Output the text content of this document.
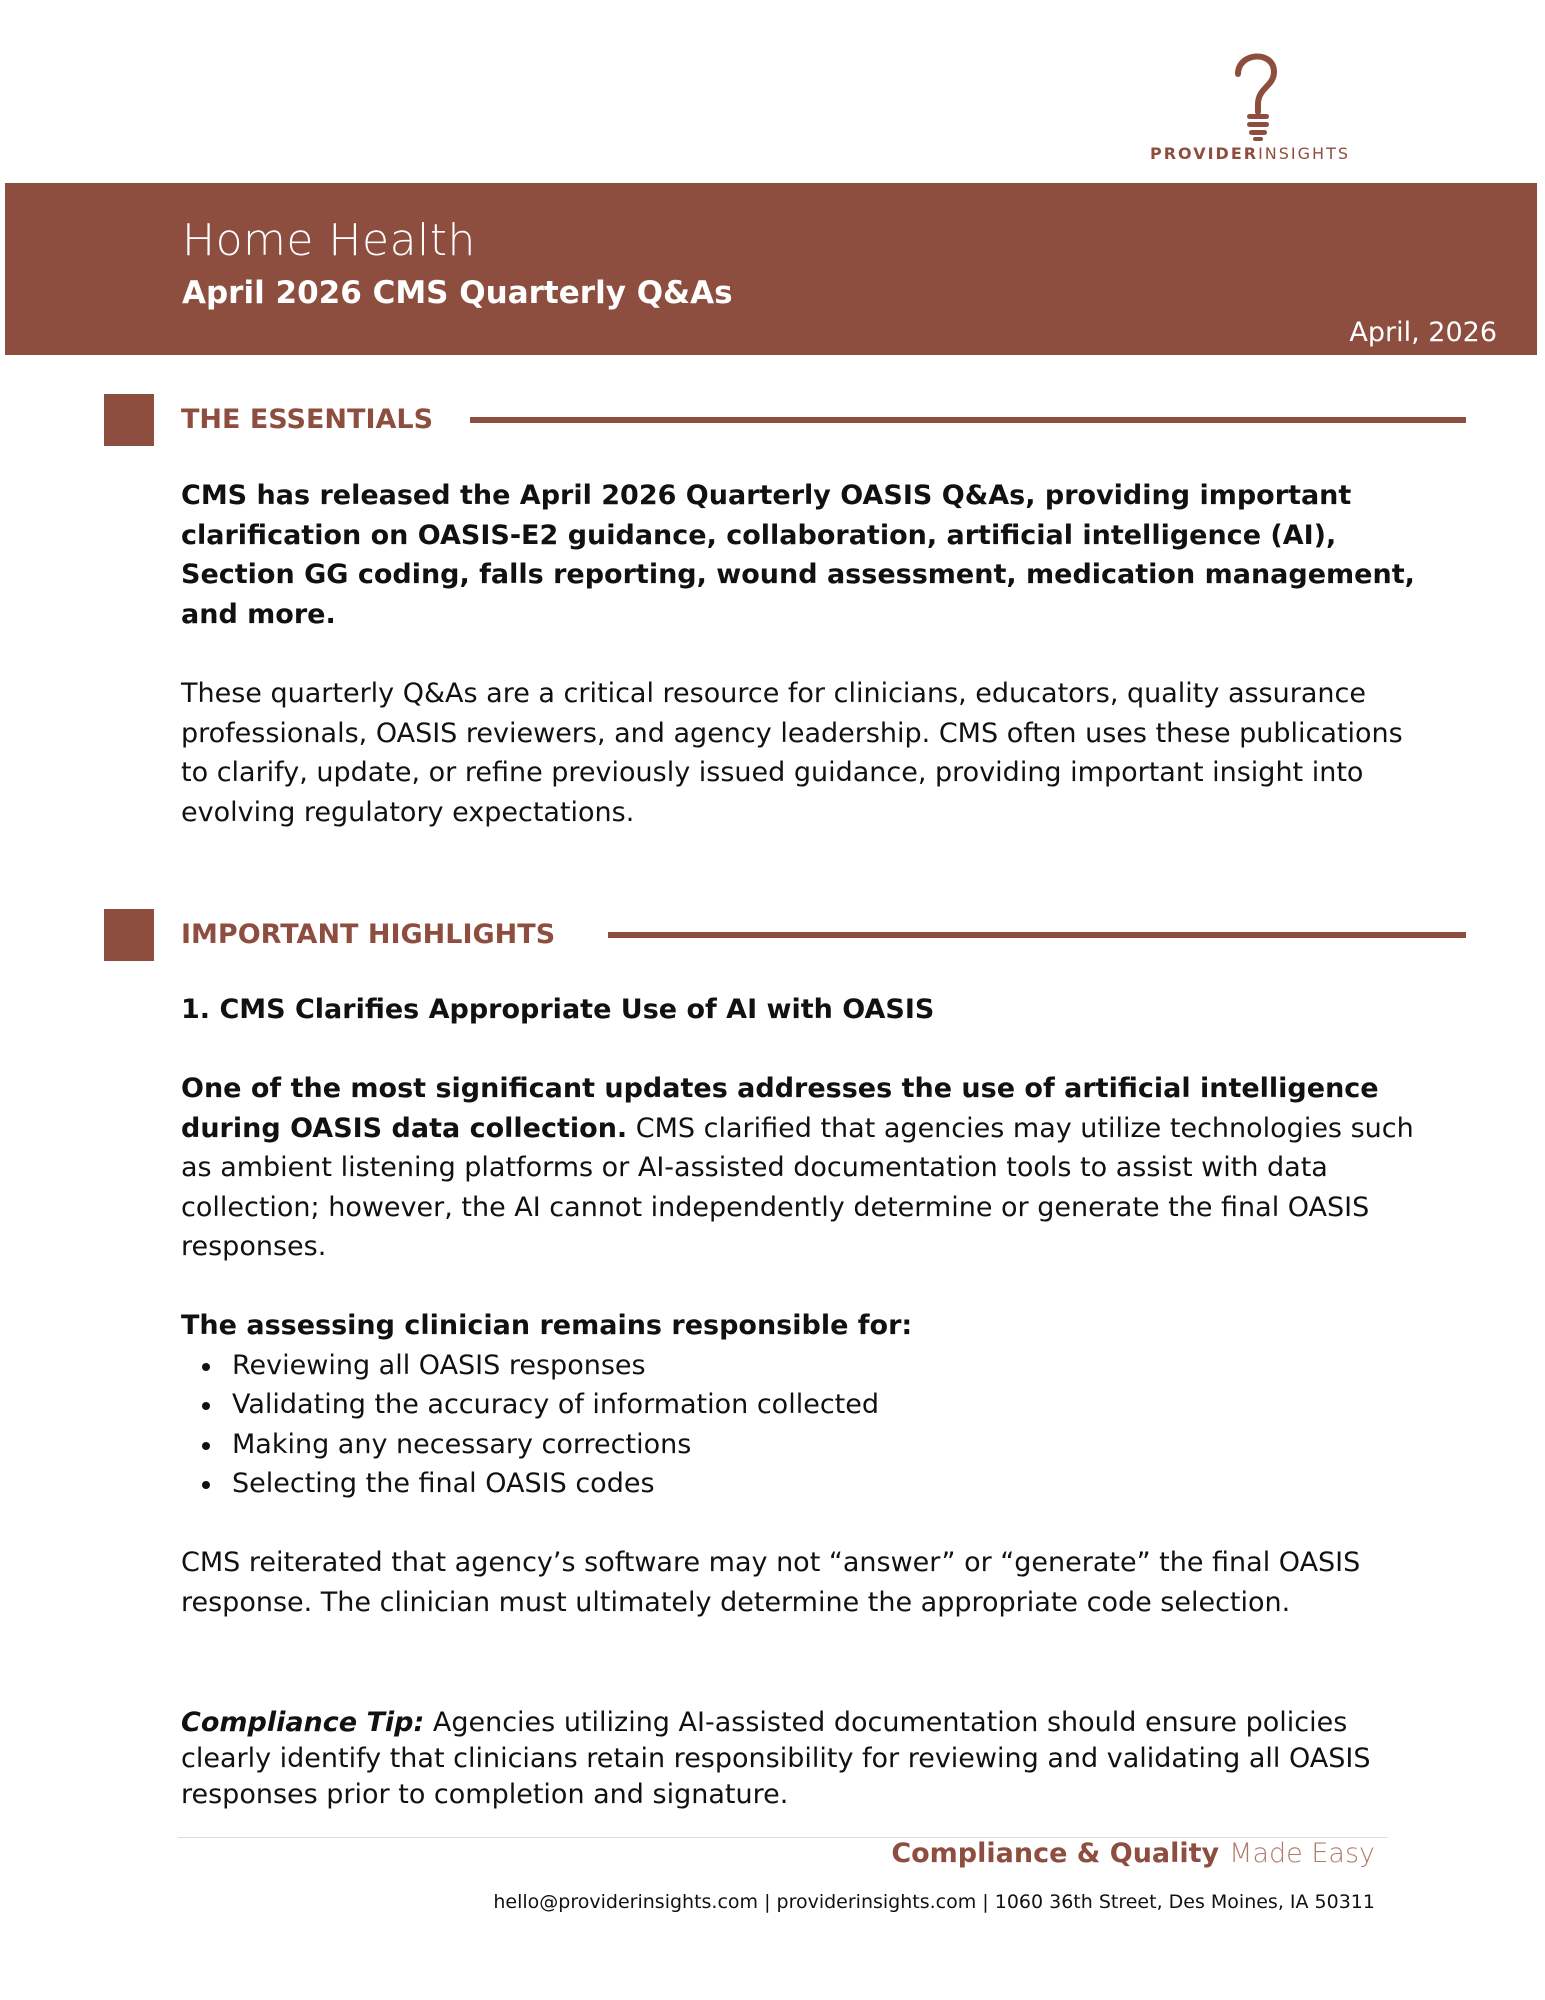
PROVIDERINSIGHTS
Home Health
April 2026 CMS Quarterly Q&As
April, 2026
THE ESSENTIALS
CMS has released the April 2026 Quarterly OASIS Q&As, providing important clarification on OASIS-E2 guidance, collaboration, artificial intelligence (AI), Section GG coding, falls reporting, wound assessment, medication management, and more.
These quarterly Q&As are a critical resource for clinicians, educators, quality assurance professionals, OASIS reviewers, and agency leadership. CMS often uses these publications to clarify, update, or refine previously issued guidance, providing important insight into evolving regulatory expectations.
IMPORTANT HIGHLIGHTS
1. CMS Clarifies Appropriate Use of AI with OASIS
One of the most significant updates addresses the use of artificial intelligence during OASIS data collection. CMS clarified that agencies may utilize technologies such as ambient listening platforms or AI-assisted documentation tools to assist with data collection; however, the AI cannot independently determine or generate the final OASIS responses.
The assessing clinician remains responsible for:
Reviewing all OASIS responses
Validating the accuracy of information collected
Making any necessary corrections
Selecting the final OASIS codes
CMS reiterated that agency’s software may not “answer” or “generate” the final OASIS response. The clinician must ultimately determine the appropriate code selection.
Compliance Tip: Agencies utilizing AI-assisted documentation should ensure policies clearly identify that clinicians retain responsibility for reviewing and validating all OASIS responses prior to completion and signature.
Compliance & Quality Made Easy
hello@providerinsights.com | providerinsights.com | 1060 36th Street, Des Moines, IA 50311
